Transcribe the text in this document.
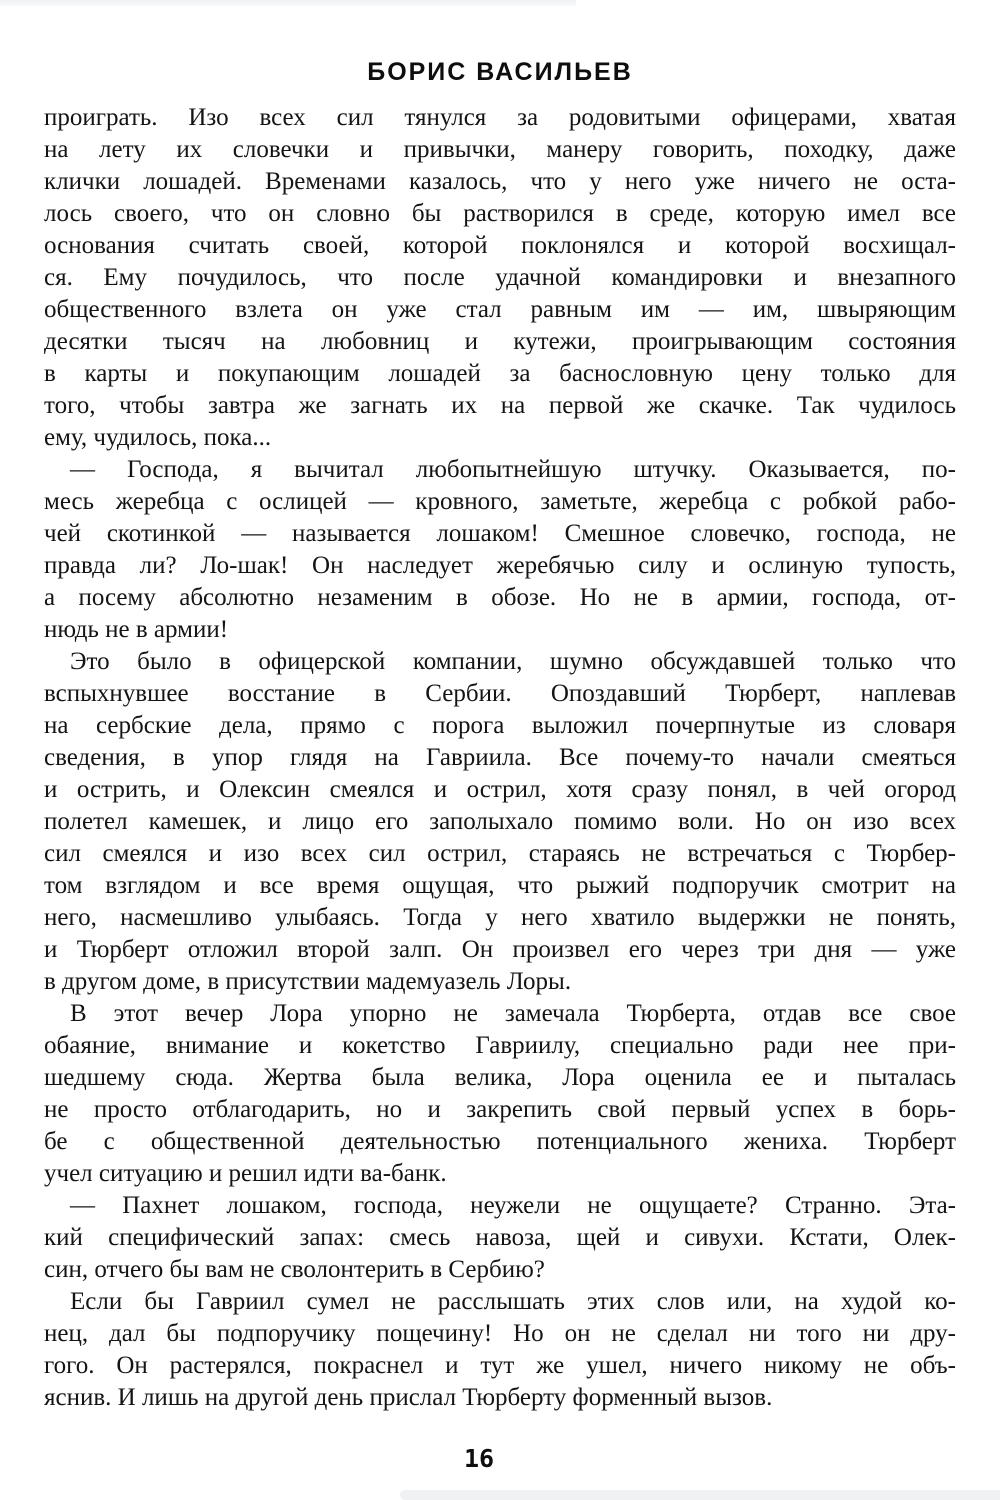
БОРИС ВАСИЛЬЕВ
проиграть. Изо всех сил тянулся за родовитыми офицерами, хватая
на лету их словечки и привычки, манеру говорить, походку, даже
клички лошадей. Временами казалось, что у него уже ничего не оста-
лось своего, что он словно бы растворился в среде, которую имел все
основания считать своей, которой поклонялся и которой восхищал-
ся. Ему почудилось, что после удачной командировки и внезапного
общественного взлета он уже стал равным им — им, швыряющим
десятки тысяч на любовниц и кутежи, проигрывающим состояния
в карты и покупающим лошадей за баснословную цену только для
того, чтобы завтра же загнать их на первой же скачке. Так чудилось
ему, чудилось, пока...
— Господа, я вычитал любопытнейшую штучку. Оказывается, по-
месь жеребца с ослицей — кровного, заметьте, жеребца с робкой рабо-
чей скотинкой — называется лошаком! Смешное словечко, господа, не
правда ли? Ло-шак! Он наследует жеребячью силу и ослиную тупость,
а посему абсолютно незаменим в обозе. Но не в армии, господа, от-
нюдь не в армии!
Это было в офицерской компании, шумно обсуждавшей только что
вспыхнувшее восстание в Сербии. Опоздавший Тюрберт, наплевав
на сербские дела, прямо с порога выложил почерпнутые из словаря
сведения, в упор глядя на Гавриила. Все почему-то начали смеяться
и острить, и Олексин смеялся и острил, хотя сразу понял, в чей огород
полетел камешек, и лицо его заполыхало помимо воли. Но он изо всех
сил смеялся и изо всех сил острил, стараясь не встречаться с Тюрбер-
том взглядом и все время ощущая, что рыжий подпоручик смотрит на
него, насмешливо улыбаясь. Тогда у него хватило выдержки не понять,
и Тюрберт отложил второй залп. Он произвел его через три дня — уже
в другом доме, в присутствии мадемуазель Лоры.
В этот вечер Лора упорно не замечала Тюрберта, отдав все свое
обаяние, внимание и кокетство Гавриилу, специально ради нее при-
шедшему сюда. Жертва была велика, Лора оценила ее и пыталась
не просто отблагодарить, но и закрепить свой первый успех в борь-
бе с общественной деятельностью потенциального жениха. Тюрберт
учел ситуацию и решил идти ва-банк.
— Пахнет лошаком, господа, неужели не ощущаете? Странно. Эта-
кий специфический запах: смесь навоза, щей и сивухи. Кстати, Олек-
син, отчего бы вам не сволонтерить в Сербию?
Если бы Гавриил сумел не расслышать этих слов или, на худой ко-
нец, дал бы подпоручику пощечину! Но он не сделал ни того ни дру-
гого. Он растерялся, покраснел и тут же ушел, ничего никому не объ-
яснив. И лишь на другой день прислал Тюрберту форменный вызов.
16
